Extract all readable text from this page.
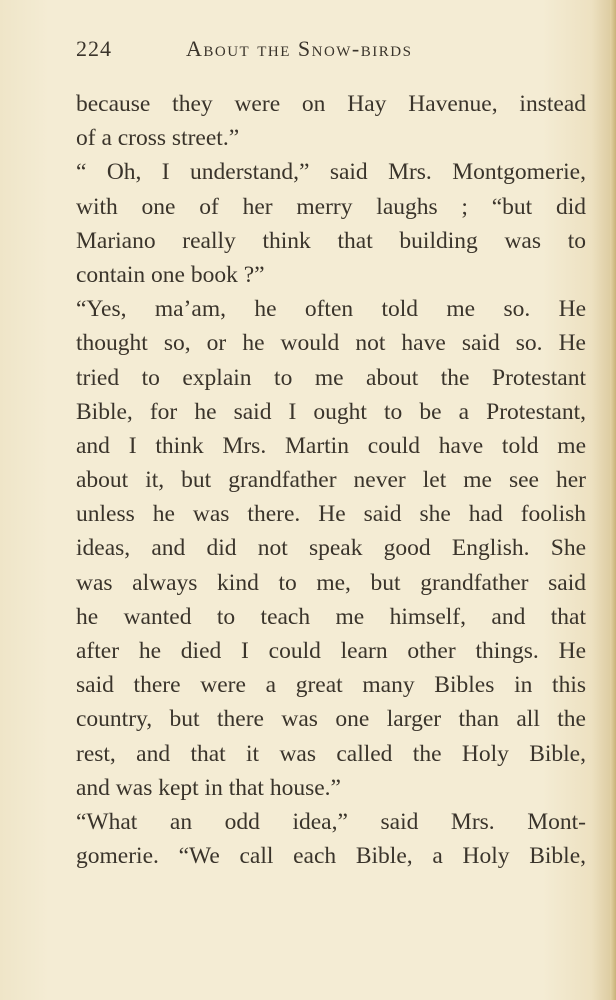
224	About the Snow-birds
because they were on Hay Havenue, instead
of a cross street.”
“ Oh, I understand,” said Mrs. Montgomerie,
with one of her merry laughs ; “but did
Mariano really think that building was to
contain one book ?”
“Yes, ma’am, he often told me so. He
thought so, or he would not have said so. He
tried to explain to me about the Protestant
Bible, for he said I ought to be a Protestant,
and I think Mrs. Martin could have told me
about it, but grandfather never let me see her
unless he was there. He said she had foolish
ideas, and did not speak good English. She
was always kind to me, but grandfather said
he wanted to teach me himself, and that
after he died I could learn other things. He
said there were a great many Bibles in this
country, but there was one larger than all the
rest, and that it was called the Holy Bible,
and was kept in that house.”
“What an odd idea,” said Mrs. Mont-
gomerie. “We call each Bible, a Holy Bible,
